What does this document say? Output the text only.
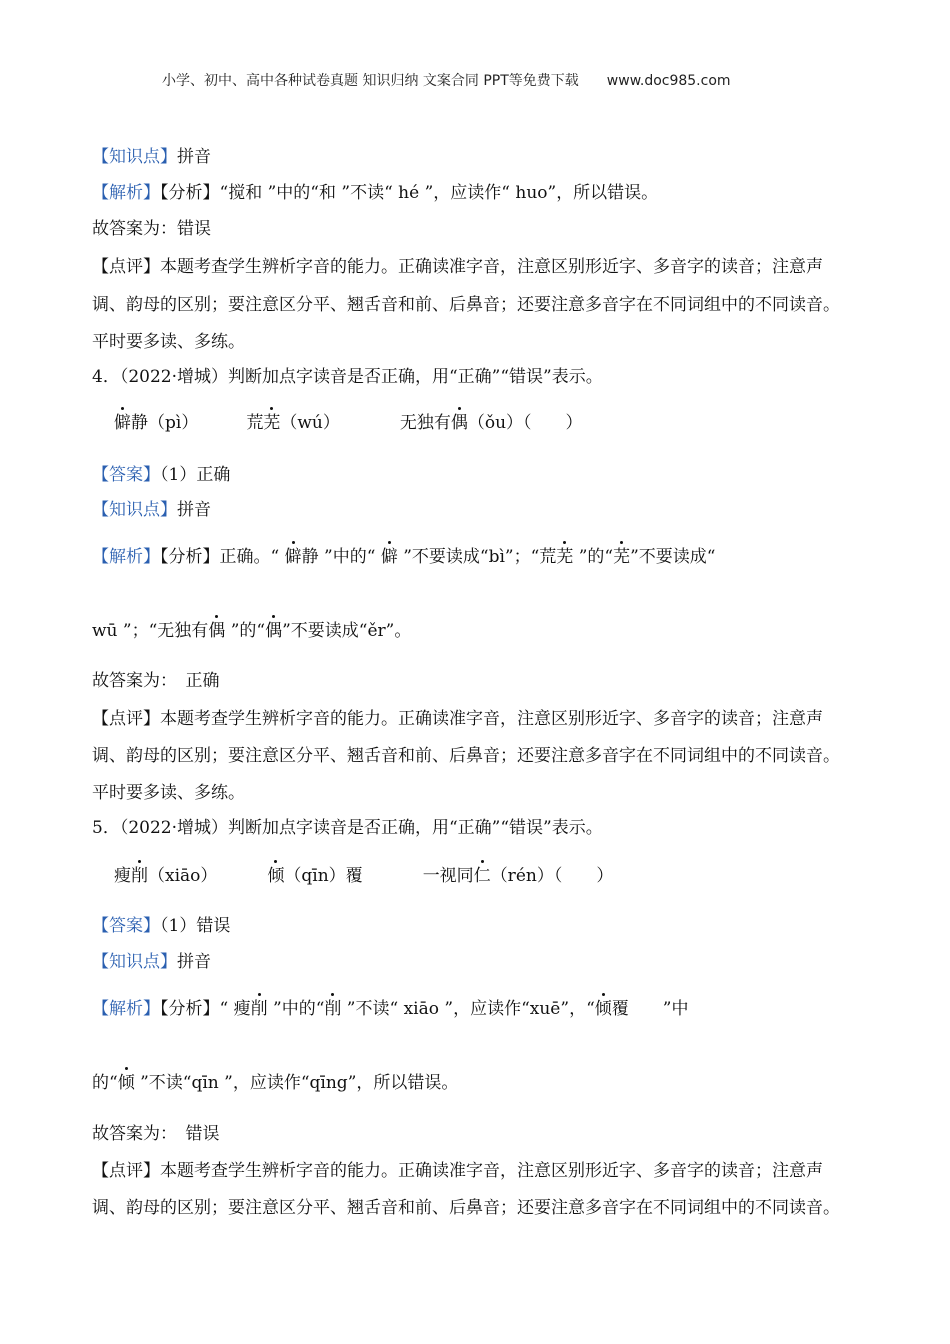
小学、初中、高中各种试卷真题 知识归纳 文案合同 PPT等免费下载 www.doc985.com
【知识点】拼音
【解析】【分析】“搅和 ”中的“和 ”不读“ hé ”，应读作“ huo”，所以错误。
故答案为：错误
【点评】本题考查学生辨析字音的能力。正确读准字音，注意区别形近字、多音字的读音；注意声
调、韵母的区别；要注意区分平、翘舌音和前、后鼻音；还要注意多音字在不同词组中的不同读音。
平时要多读、多练。
4．（2022·增城）判断加点字读音是否正确，用“正确”“错误”表示。
僻静（pì）	荒芜（wú）	无独有偶（ǒu）（　　）
【答案】（1）正确
【知识点】拼音
【解析】【分析】正确。“ 僻静 ”中的“ 僻 ”不要读成“bì”；“荒芜 ”的“芜”不要读成“
wū ”；“无独有偶 ”的“偶”不要读成“ěr”。
故答案为：　正确
【点评】本题考查学生辨析字音的能力。正确读准字音，注意区别形近字、多音字的读音；注意声
调、韵母的区别；要注意区分平、翘舌音和前、后鼻音；还要注意多音字在不同词组中的不同读音。
平时要多读、多练。
5．（2022·增城）判断加点字读音是否正确，用“正确”“错误”表示。
瘦削（xiāo）	倾（qīn）覆	一视同仁（rén）（　　）
【答案】（1）错误
【知识点】拼音
【解析】【分析】“ 瘦削 ”中的“削 ”不读“ xiāo ”，应读作“xuē”，“倾覆　　”中
的“倾 ”不读“qīn ”，应读作“qīng”，所以错误。
故答案为：　错误
【点评】本题考查学生辨析字音的能力。正确读准字音，注意区别形近字、多音字的读音；注意声
调、韵母的区别；要注意区分平、翘舌音和前、后鼻音；还要注意多音字在不同词组中的不同读音。
